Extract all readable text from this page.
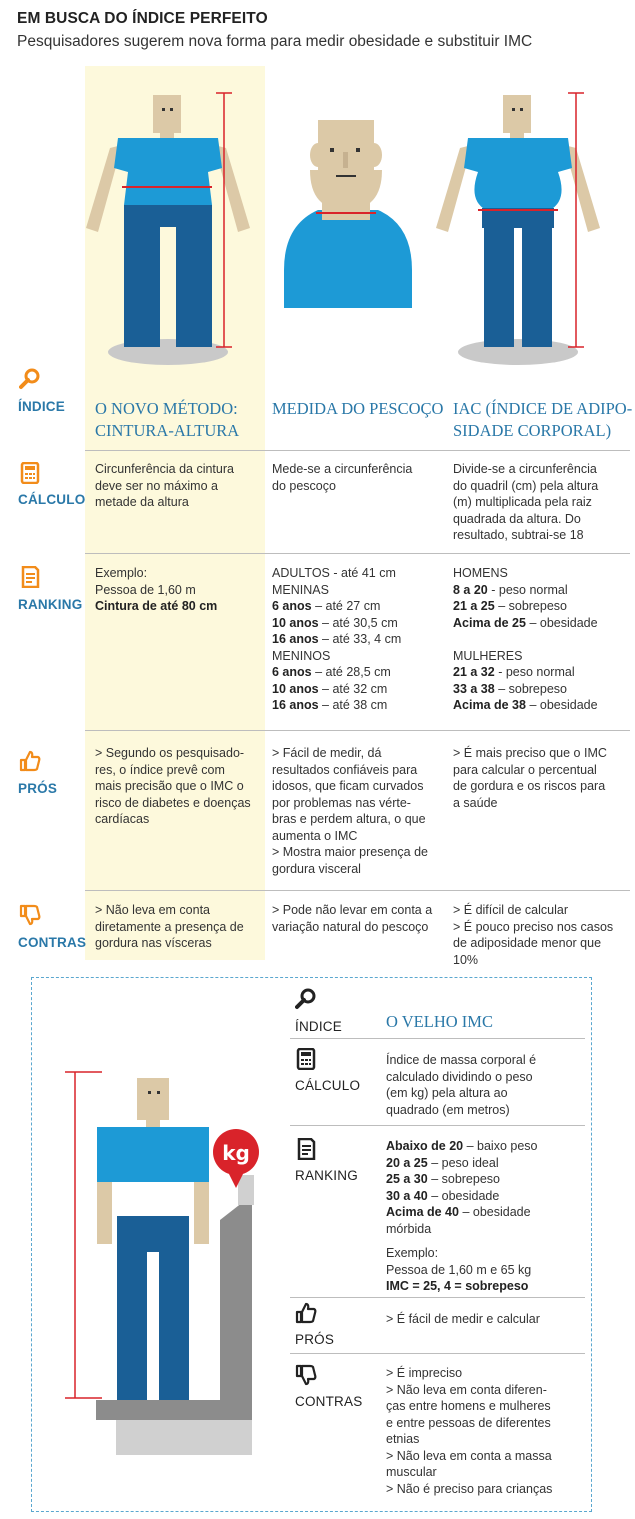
EM BUSCA DO ÍNDICE PERFEITO
Pesquisadores sugerem nova forma para medir obesidade e substituir IMC
ÍNDICE O NOVO MÉTODO:
CINTURA-ALTURA
MEDIDA DO PESCOÇO IAC (ÍNDICE DE ADIPO-
SIDADE CORPORAL)
CÁLCULO
Circunferência da cintura
deve ser no máximo a
metade da altura
Mede-se a circunferência
do pescoço
Divide-se a circunferência
do quadril (cm) pela altura
(m) multiplicada pela raiz
quadrada da altura. Do
resultado, subtrai-se 18
RANKING
Exemplo:
Pessoa de 1,60 m
Cintura de até 80 cm
ADULTOS - até 41 cm
MENINAS
6 anos – até 27 cm
10 anos – até 30,5 cm
16 anos – até 33, 4 cm
MENINOS
6 anos – até 28,5 cm
10 anos – até 32 cm
16 anos – até 38 cm
HOMENS
8 a 20 - peso normal
21 a 25 – sobrepeso
Acima de 25 – obesidade
MULHERES
21 a 32 - peso normal
33 a 38 – sobrepeso
Acima de 38 – obesidade
PRÓS
> Segundo os pesquisado-
res, o índice prevê com
mais precisão que o IMC o
risco de diabetes e doenças
cardíacas
> Fácil de medir, dá
resultados confiáveis para
idosos, que ficam curvados
por problemas nas vérte-
bras e perdem altura, o que
aumenta o IMC
> Mostra maior presença de
gordura visceral
> É mais preciso que o IMC
para calcular o percentual
de gordura e os riscos para
a saúde
CONTRAS
> Não leva em conta
diretamente a presença de
gordura nas vísceras
> Pode não levar em conta a
variação natural do pescoço
> É difícil de calcular
> É pouco preciso nos casos
de adiposidade menor que
10%
kg
ÍNDICE	O VELHO IMC
CÁLCULO
Índice de massa corporal é
calculado dividindo o peso
(em kg) pela altura ao
quadrado (em metros)
RANKING
Abaixo de 20 – baixo peso
20 a 25 – peso ideal
25 a 30 – sobrepeso
30 a 40 – obesidade
Acima de 40 – obesidade
mórbida
Exemplo:
Pessoa de 1,60 m e 65 kg
IMC = 25, 4 = sobrepeso
PRÓS
> É fácil de medir e calcular
CONTRAS
> É impreciso
> Não leva em conta diferen-
ças entre homens e mulheres
e entre pessoas de diferentes
etnias
> Não leva em conta a massa
muscular
> Não é preciso para crianças
